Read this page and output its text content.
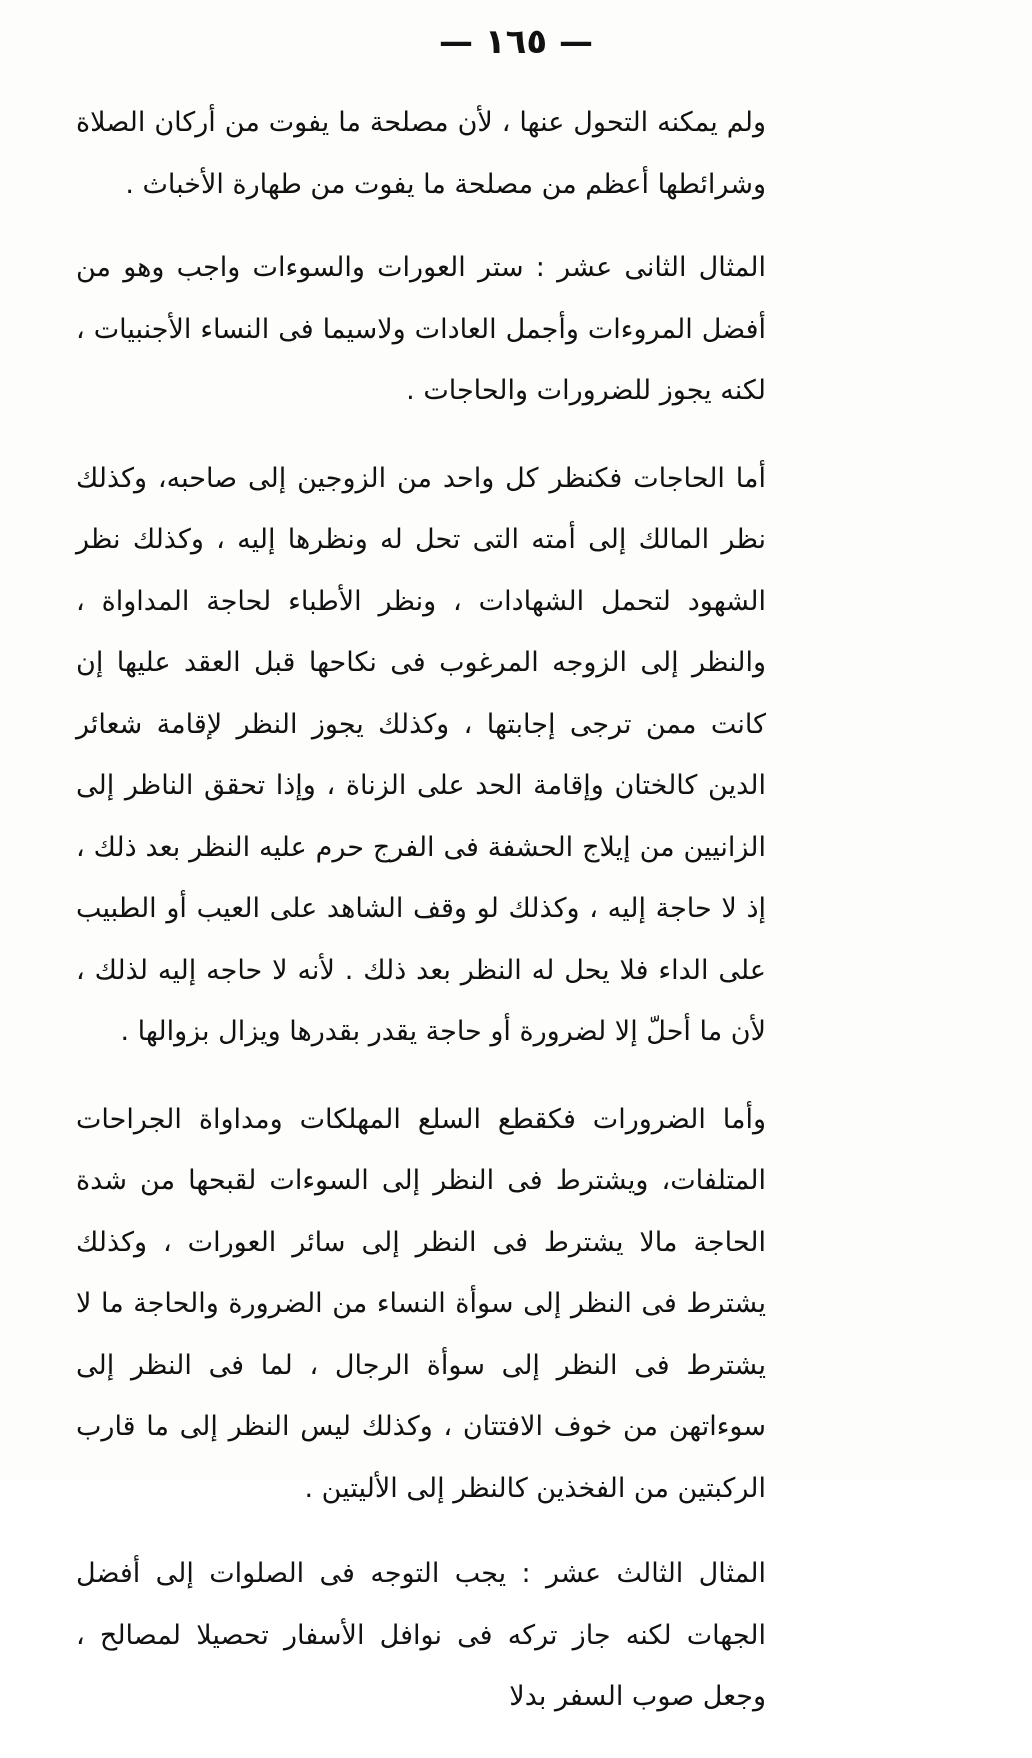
— ١٦٥ —

ولم يمكنه التحول عنها ، لأن مصلحة ما يفوت من أركان الصلاة وشرائطها أعظم من مصلحة ما يفوت من طهارة الأخباث .

المثال الثانى عشر : ستر العورات والسوءات واجب وهو من أفضل المروءات وأجمل العادات ولاسيما فى النساء الأجنبيات ، لكنه يجوز للضرورات والحاجات .

أما الحاجات فكنظر كل واحد من الزوجين إلى صاحبه، وكذلك نظر المالك إلى أمته التى تحل له ونظرها إليه ، وكذلك نظر الشهود لتحمل الشهادات ، ونظر الأطباء لحاجة المداواة ، والنظر إلى الزوجه المرغوب فى نكاحها قبل العقد عليها إن كانت ممن ترجى إجابتها ، وكذلك يجوز النظر لإقامة شعائر الدين كالختان وإقامة الحد على الزناة ، وإذا تحقق الناظر إلى الزانيين من إيلاج الحشفة فى الفرج حرم عليه النظر بعد ذلك ، إذ لا حاجة إليه ، وكذلك لو وقف الشاهد على العيب أو الطبيب على الداء فلا يحل له النظر بعد ذلك . لأنه لا حاجه إليه لذلك ، لأن ما أحلّ إلا لضرورة أو حاجة يقدر بقدرها ويزال بزوالها .

وأما الضرورات فكقطع السلع المهلكات ومداواة الجراحات المتلفات، ويشترط فى النظر إلى السوءات لقبحها من شدة الحاجة مالا يشترط فى النظر إلى سائر العورات ، وكذلك يشترط فى النظر إلى سوأة النساء من الضرورة والحاجة ما لا يشترط فى النظر إلى سوأة الرجال ، لما فى النظر إلى سوءاتهن من خوف الافتتان ، وكذلك ليس النظر إلى ما قارب الركبتين من الفخذين كالنظر إلى الأليتين .

المثال الثالث عشر : يجب التوجه فى الصلوات إلى أفضل الجهات لكنه جاز تركه فى نوافل الأسفار تحصيلا لمصالح ، وجعل صوب السفر بدلا
